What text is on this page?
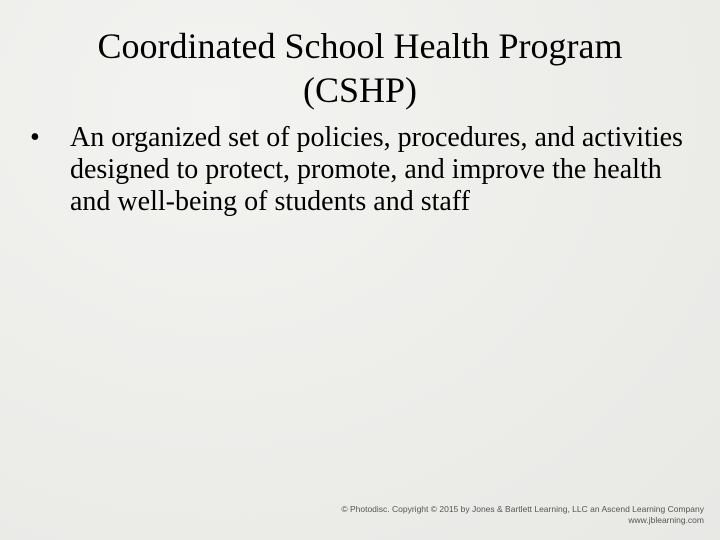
Coordinated School Health Program
(CSHP)
•	An organized set of policies, procedures, and activities designed to protect, promote, and improve the health and well-being of students and staff
© Photodisc. Copyright © 2015 by Jones & Bartlett Learning, LLC an Ascend Learning Company
www.jblearning.com
